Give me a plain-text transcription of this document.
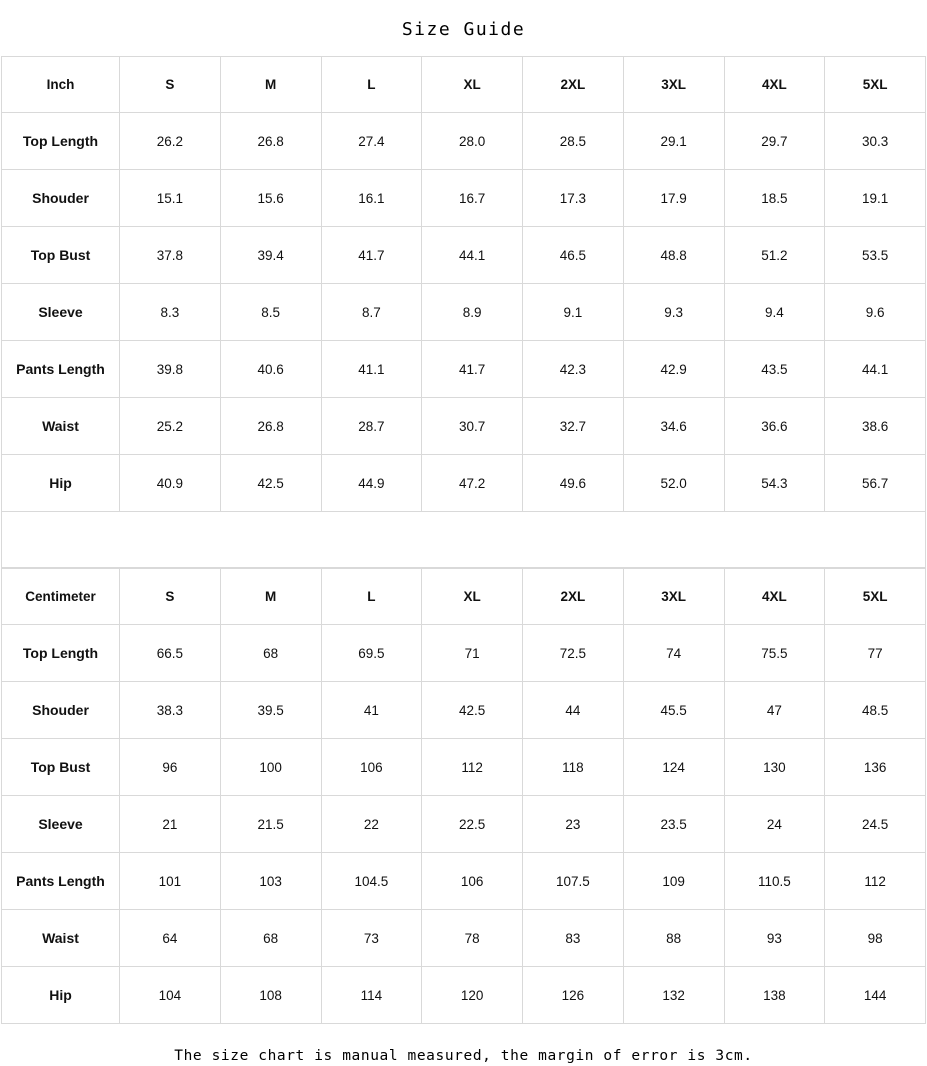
Size Guide
Inch	S	M	L	XL	2XL	3XL	4XL	5XL
Top Length	26.2	26.8	27.4	28.0	28.5	29.1	29.7	30.3
Shouder	15.1	15.6	16.1	16.7	17.3	17.9	18.5	19.1
Top Bust	37.8	39.4	41.7	44.1	46.5	48.8	51.2	53.5
Sleeve	8.3	8.5	8.7	8.9	9.1	9.3	9.4	9.6
Pants Length	39.8	40.6	41.1	41.7	42.3	42.9	43.5	44.1
Waist	25.2	26.8	28.7	30.7	32.7	34.6	36.6	38.6
Hip	40.9	42.5	44.9	47.2	49.6	52.0	54.3	56.7
Centimeter	S	M	L	XL	2XL	3XL	4XL	5XL
Top Length	66.5	68	69.5	71	72.5	74	75.5	77
Shouder	38.3	39.5	41	42.5	44	45.5	47	48.5
Top Bust	96	100	106	112	118	124	130	136
Sleeve	21	21.5	22	22.5	23	23.5	24	24.5
Pants Length	101	103	104.5	106	107.5	109	110.5	112
Waist	64	68	73	78	83	88	93	98
Hip	104	108	114	120	126	132	138	144
The size chart is manual measured, the margin of error is 3cm.
